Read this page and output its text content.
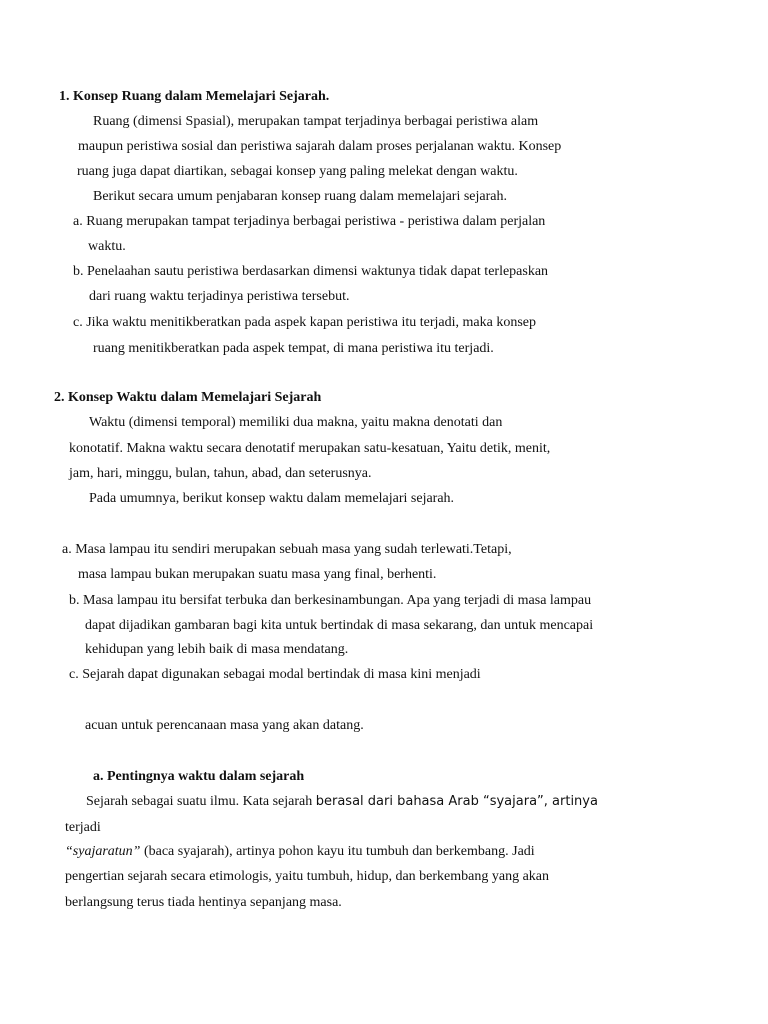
1. Konsep Ruang dalam Memelajari Sejarah.
Ruang (dimensi Spasial), merupakan tampat terjadinya berbagai peristiwa alam
maupun peristiwa sosial dan peristiwa sajarah dalam proses perjalanan waktu. Konsep
ruang juga dapat diartikan, sebagai konsep yang paling melekat dengan waktu.
Berikut secara umum penjabaran konsep ruang dalam memelajari sejarah.
a. Ruang merupakan tampat terjadinya berbagai peristiwa - peristiwa dalam perjalan
waktu.
b. Penelaahan sautu peristiwa berdasarkan dimensi waktunya tidak dapat terlepaskan
dari ruang waktu terjadinya peristiwa tersebut.
c. Jika waktu menitikberatkan pada aspek kapan peristiwa itu terjadi, maka konsep
ruang menitikberatkan pada aspek tempat, di mana peristiwa itu terjadi.
2. Konsep Waktu dalam Memelajari Sejarah
Waktu (dimensi temporal) memiliki dua makna, yaitu makna denotati dan
konotatif. Makna waktu secara denotatif merupakan satu-kesatuan, Yaitu detik, menit,
jam, hari, minggu, bulan, tahun, abad, dan seterusnya.
Pada umumnya, berikut konsep waktu dalam memelajari sejarah.
a. Masa lampau itu sendiri merupakan sebuah masa yang sudah terlewati.Tetapi,
masa lampau bukan merupakan suatu masa yang final, berhenti.
b. Masa lampau itu bersifat terbuka dan berkesinambungan. Apa yang terjadi di masa lampau
dapat dijadikan gambaran bagi kita untuk bertindak di masa sekarang, dan untuk mencapai
kehidupan yang lebih baik di masa mendatang.
c. Sejarah dapat digunakan sebagai modal bertindak di masa kini menjadi
acuan untuk perencanaan masa yang akan datang.
a. Pentingnya waktu dalam sejarah
Sejarah sebagai suatu ilmu. Kata sejarah berasal dari bahasa Arab “syajara”, artinya
terjadi
“syajaratun” (baca syajarah), artinya pohon kayu itu tumbuh dan berkembang. Jadi
pengertian sejarah secara etimologis, yaitu tumbuh, hidup, dan berkembang yang akan
berlangsung terus tiada hentinya sepanjang masa.
